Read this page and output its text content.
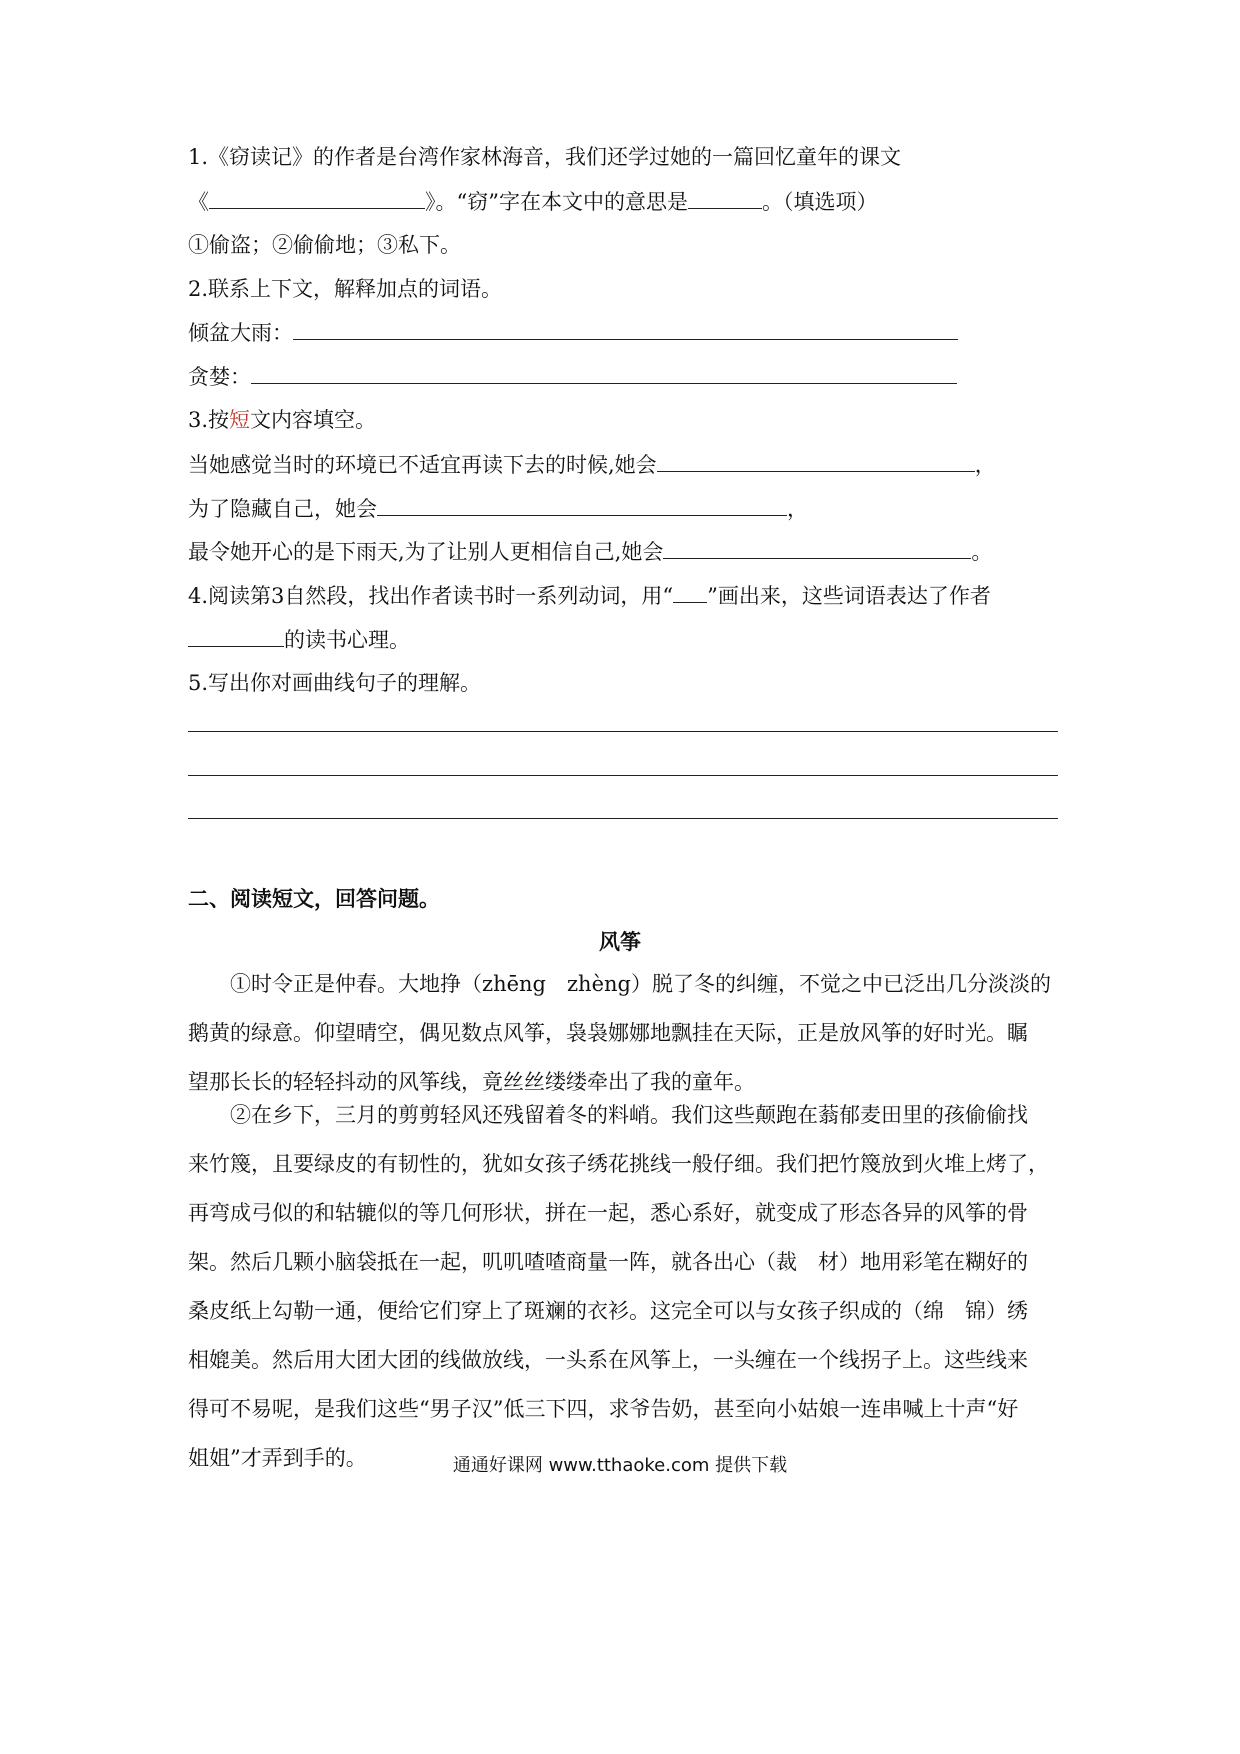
1.《窃读记》的作者是台湾作家林海音，我们还学过她的一篇回忆童年的课文
《	》。“窃”字在本文中的意思是	。（填选项）
①偷盗；②偷偷地；③私下。
2.联系上下文，解释加点的词语。
倾盆大雨：
贪婪：
3.按短文内容填空。
当她感觉当时的环境已不适宜再读下去的时候,她会	，
为了隐藏自己，她会	，
最令她开心的是下雨天,为了让别人更相信自己,她会	。
4.阅读第3自然段，找出作者读书时一系列动词，用“ ”画出来，这些词语表达了作者
的读书心理。
5.写出你对画曲线句子的理解。
二、阅读短文，回答问题。
风筝
①时令正是仲春。大地挣（zhēng　zhèng）脱了冬的纠缠，不觉之中已泛出几分淡淡的
鹅黄的绿意。仰望晴空，偶见数点风筝，袅袅娜娜地飘挂在天际，正是放风筝的好时光。瞩
望那长长的轻轻抖动的风筝线，竟丝丝缕缕牵出了我的童年。
②在乡下，三月的剪剪轻风还残留着冬的料峭。我们这些颠跑在蓊郁麦田里的孩偷偷找
来竹篾，且要绿皮的有韧性的，犹如女孩子绣花挑线一般仔细。我们把竹篾放到火堆上烤了，
再弯成弓似的和轱辘似的等几何形状，拼在一起，悉心系好，就变成了形态各异的风筝的骨
架。然后几颗小脑袋抵在一起，叽叽喳喳商量一阵，就各出心（裁　材）地用彩笔在糊好的
桑皮纸上勾勒一通，便给它们穿上了斑斓的衣衫。这完全可以与女孩子织成的（绵　锦）绣
相媲美。然后用大团大团的线做放线，一头系在风筝上，一头缠在一个线拐子上。这些线来
得可不易呢，是我们这些“男子汉”低三下四，求爷告奶，甚至向小姑娘一连串喊上十声“好
姐姐”才弄到手的。	通通好课网 www.tthaoke.com 提供下载
